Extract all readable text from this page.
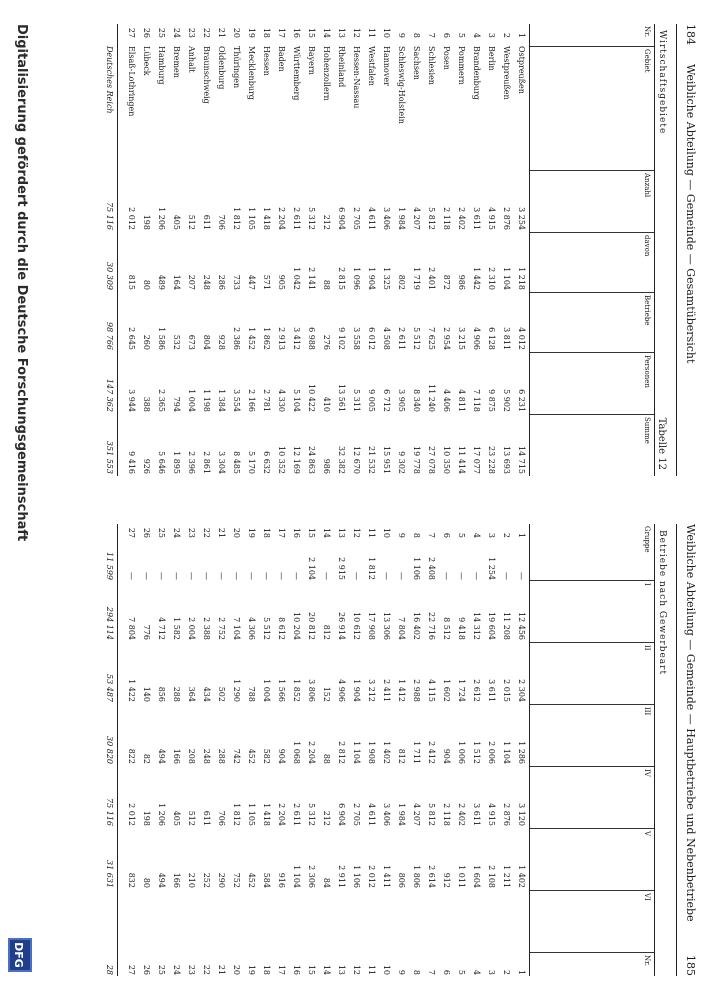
184
Weibliche Abteilung — Gemeinde — Gesamtübersicht
Wirtschaftsgebiete
Tabelle 12
Nr.
Gebiet
Anzahl
davon
Betriebe
Personen
Summe
1
Ostpreußen
3 254
1 218
4 012
6 231
14 715
2
Westpreußen
2 876
1 104
3 811
5 902
13 693
3
Berlin
4 915
2 310
6 128
9 875
23 228
4
Brandenburg
3 611
1 442
4 906
7 118
17 077
5
Pommern
2 402
986
3 215
4 811
11 414
6
Posen
2 118
872
2 954
4 406
10 350
7
Schlesien
5 812
2 401
7 625
11 240
27 078
8
Sachsen
4 207
1 719
5 512
8 340
19 778
9
Schleswig-Holstein
1 984
802
2 611
3 905
9 302
10
Hannover
3 406
1 325
4 508
6 712
15 951
11
Westfalen
4 611
1 904
6 012
9 005
21 532
12
Hessen-Nassau
2 705
1 096
3 558
5 311
12 670
13
Rheinland
6 904
2 815
9 102
13 561
32 382
14
Hohenzollern
212
88
276
410
986
15
Bayern
5 312
2 141
6 988
10 422
24 863
16
Württemberg
2 611
1 042
3 412
5 104
12 169
17
Baden
2 204
905
2 913
4 330
10 352
18
Hessen
1 418
571
1 862
2 781
6 632
19
Mecklenburg
1 105
447
1 452
2 166
5 170
20
Thüringen
1 812
733
2 386
3 554
8 485
21
Oldenburg
706
286
928
1 384
3 304
22
Braunschweig
611
248
804
1 198
2 861
23
Anhalt
512
207
673
1 004
2 396
24
Bremen
405
164
532
794
1 895
25
Hamburg
1 206
489
1 586
2 365
5 646
26
Lübeck
198
80
260
388
926
27
Elsaß-Lothringen
2 012
815
2 645
3 944
9 416
Deutsches Reich
75 116
30 309
98 766
147 362
351 553
Weibliche Abteilung — Gemeinde — Hauptbetriebe und Nebenbetriebe
185
Betriebe nach Gewerbeart
Gruppe
I
II
III
IV
V
VI
Nr.
1
—
12 456
2 304
1 286
3 120
1 402
1
2
—
11 208
2 015
1 104
2 876
1 211
2
3
1 254
19 604
3 611
2 006
4 915
2 108
3
4
—
14 312
2 612
1 512
3 611
1 604
4
5
—
9 418
1 724
1 006
2 402
1 011
5
6
—
8 512
1 602
904
2 118
912
6
7
2 408
22 716
4 115
2 412
5 812
2 614
7
8
1 106
16 402
2 988
1 711
4 207
1 806
8
9
—
7 804
1 412
812
1 984
806
9
10
—
13 306
2 411
1 402
3 406
1 411
10
11
1 812
17 908
3 212
1 908
4 611
2 012
11
12
—
10 612
1 904
1 104
2 705
1 106
12
13
2 915
26 914
4 906
2 812
6 904
2 911
13
14
—
812
152
88
212
84
14
15
2 104
20 812
3 806
2 204
5 312
2 306
15
16
—
10 204
1 852
1 068
2 611
1 104
16
17
—
8 612
1 566
904
2 204
916
17
18
—
5 512
1 004
582
1 418
584
18
19
—
4 306
788
452
1 105
452
19
20
—
7 104
1 290
742
1 812
752
20
21
—
2 752
502
288
706
290
21
22
—
2 388
434
248
611
252
22
23
—
2 004
364
208
512
210
23
24
—
1 582
288
166
405
166
24
25
—
4 712
856
494
1 206
494
25
26
—
776
140
82
198
80
26
27
—
7 804
1 422
822
2 012
832
27
11 599
294 114
53 487
30 820
75 116
31 631
28
Digitalisierung gefördert durch die Deutsche Forschungsgemeinschaft
DFG
